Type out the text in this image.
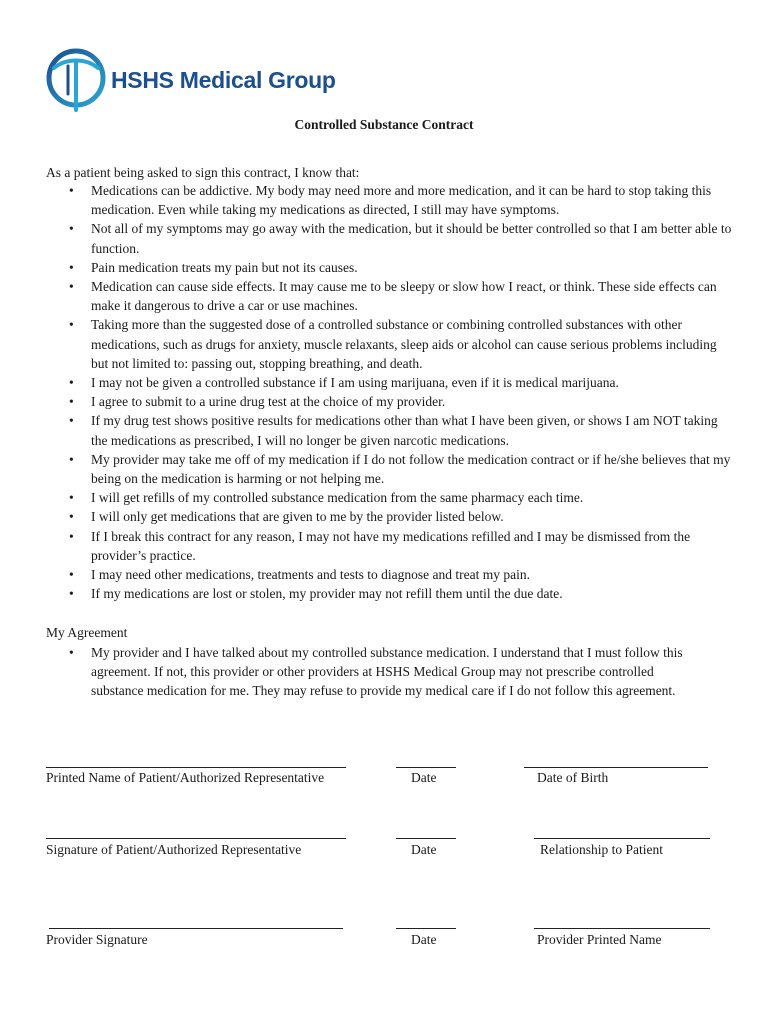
HSHS Medical Group
Controlled Substance Contract
As a patient being asked to sign this contract, I know that:
• Medications can be addictive. My body may need more and more medication, and it can be hard to stop taking this medication. Even while taking my medications as directed, I still may have symptoms.
• Not all of my symptoms may go away with the medication, but it should be better controlled so that I am better able to function.
• Pain medication treats my pain but not its causes.
• Medication can cause side effects. It may cause me to be sleepy or slow how I react, or think. These side effects can make it dangerous to drive a car or use machines.
• Taking more than the suggested dose of a controlled substance or combining controlled substances with other medications, such as drugs for anxiety, muscle relaxants, sleep aids or alcohol can cause serious problems including but not limited to: passing out, stopping breathing, and death.
• I may not be given a controlled substance if I am using marijuana, even if it is medical marijuana.
• I agree to submit to a urine drug test at the choice of my provider.
• If my drug test shows positive results for medications other than what I have been given, or shows I am NOT taking the medications as prescribed, I will no longer be given narcotic medications.
• My provider may take me off of my medication if I do not follow the medication contract or if he/she believes that my being on the medication is harming or not helping me.
• I will get refills of my controlled substance medication from the same pharmacy each time.
• I will only get medications that are given to me by the provider listed below.
• If I break this contract for any reason, I may not have my medications refilled and I may be dismissed from the provider’s practice.
• I may need other medications, treatments and tests to diagnose and treat my pain.
• If my medications are lost or stolen, my provider may not refill them until the due date.
My Agreement
• My provider and I have talked about my controlled substance medication. I understand that I must follow this agreement. If not, this provider or other providers at HSHS Medical Group may not prescribe controlled substance medication for me. They may refuse to provide my medical care if I do not follow this agreement.
Printed Name of Patient/Authorized Representative	Date	Date of Birth
Signature of Patient/Authorized Representative	Date	Relationship to Patient
Provider Signature	Date	Provider Printed Name
